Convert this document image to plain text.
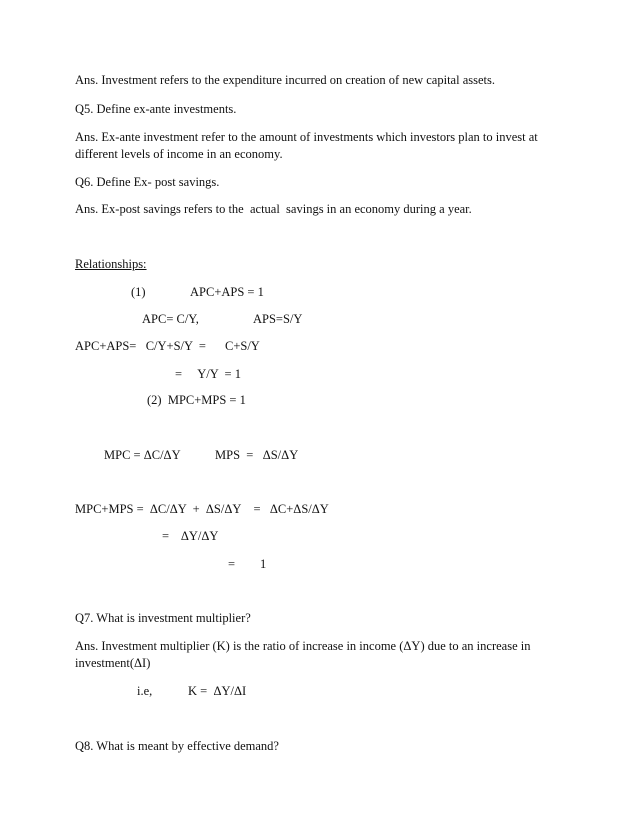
Ans. Investment refers to the expenditure incurred on creation of new capital assets.
Q5. Define ex-ante investments.
Ans. Ex-ante investment refer to the amount of investments which investors plan to invest at
different levels of income in an economy.
Q6. Define Ex- post savings.
Ans. Ex-post savings refers to the  actual  savings in an economy during a year.
Relationships:
(1)	APC+APS = 1
APC= C/Y,	APS=S/Y
APC+APS=   C/Y+S/Y  = C+S/Y
=     Y/Y  = 1
(2)  MPC+MPS = 1
MPC = ΔC/ΔY	MPS  =   ΔS/ΔY
MPC+MPS =  ΔC/ΔY  +  ΔS/ΔY    =   ΔC+ΔS/ΔY
=    ΔY/ΔY
=        1
Q7. What is investment multiplier?
Ans. Investment multiplier (K) is the ratio of increase in income (ΔY) due to an increase in
investment(ΔI)
i.e,	K =  ΔY/ΔI
Q8. What is meant by effective demand?
